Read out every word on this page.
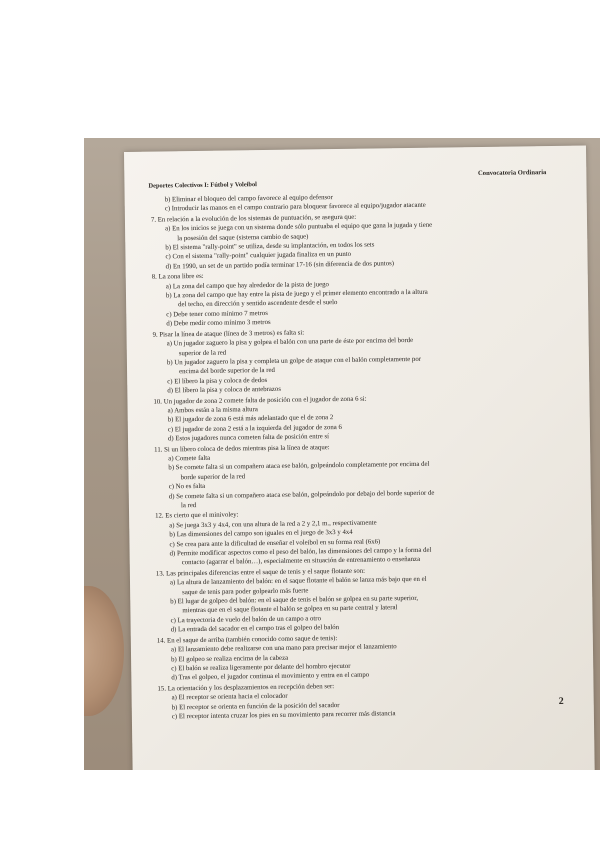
Deportes Colectivos I: Fútbol y Voleibol
Convocatoria Ordinaria
b) Eliminar el bloqueo del campo favorece al equipo defensor
c) Introducir las manos en el campo contrario para bloquear favorece al equipo/jugador atacante
7. En relación a la evolución de los sistemas de puntuación, se asegura que:
a) En los inicios se juega con un sistema donde sólo puntuaba el equipo que gana la jugada y tiene
la posesión del saque (sistema cambio de saque)
b) El sistema "rally-point" se utiliza, desde su implantación, en todos los sets
c) Con el sistema "rally-point" cualquier jugada finaliza en un punto
d) En 1990, un set de un partido podía terminar 17-16 (sin diferencia de dos puntos)
8. La zona libre es:
a) La zona del campo que hay alrededor de la pista de juego
b) La zona del campo que hay entre la pista de juego y el primer elemento encontrado a la altura
del techo, en dirección y sentido ascendente desde el suelo
c) Debe tener como mínimo 7 metros
d) Debe medir como mínimo 3 metros
9. Pisar la línea de ataque (línea de 3 metros) es falta si:
a) Un jugador zaguero la pisa y golpea el balón con una parte de éste por encima del borde
superior de la red
b) Un jugador zaguero la pisa y completa un golpe de ataque con el balón completamente por
encima del borde superior de la red
c) El líbero la pisa y coloca de dedos
d) El líbero la pisa y coloca de antebrazos
10. Un jugador de zona 2 comete falta de posición con el jugador de zona 6 si:
a) Ambos están a la misma altura
b) El jugador de zona 6 está más adelantado que el de zona 2
c) El jugador de zona 2 está a la izquierda del jugador de zona 6
d) Estos jugadores nunca cometen falta de posición entre sí
11. Si un líbero coloca de dedos mientras pisa la línea de ataque:
a) Comete falta
b) Se comete falta si un compañero ataca ese balón, golpeándolo completamente por encima del
borde superior de la red
c) No es falta
d) Se comete falta si un compañero ataca ese balón, golpeándolo por debajo del borde superior de
la red
12. Es cierto que el minivoley:
a) Se juega 3x3 y 4x4, con una altura de la red a 2 y 2,1 m., respectivamente
b) Las dimensiones del campo son iguales en el juego de 3x3 y 4x4
c) Se crea para ante la dificultad de enseñar el voleibol en su forma real (6x6)
d) Permite modificar aspectos como el peso del balón, las dimensiones del campo y la forma del
contacto (agarrar el balón…), especialmente en situación de entrenamiento o enseñanza
13. Las principales diferencias entre el saque de tenis y el saque flotante son:
a) La altura de lanzamiento del balón: en el saque flotante el balón se lanza más bajo que en el
saque de tenis para poder golpearlo más fuerte
b) El lugar de golpeo del balón: en el saque de tenis el balón se golpea en su parte superior,
mientras que en el saque flotante el balón se golpea en su parte central y lateral
c) La trayectoria de vuelo del balón de un campo a otro
d) La entrada del sacador en el campo tras el golpeo del balón
14. En el saque de arriba (también conocido como saque de tenis):
a) El lanzamiento debe realizarse con una mano para precisar mejor el lanzamiento
b) El golpeo se realiza encima de la cabeza
c) El balón se realiza ligeramente por delante del hombro ejecutor
d) Tras el golpeo, el jugador continua el movimiento y entra en el campo
15. La orientación y los desplazamientos en recepción deben ser:
a) El receptor se orienta hacia el colocador
b) El receptor se orienta en función de la posición del sacador
c) El receptor intenta cruzar los pies en su movimiento para recorrer más distancia
2
